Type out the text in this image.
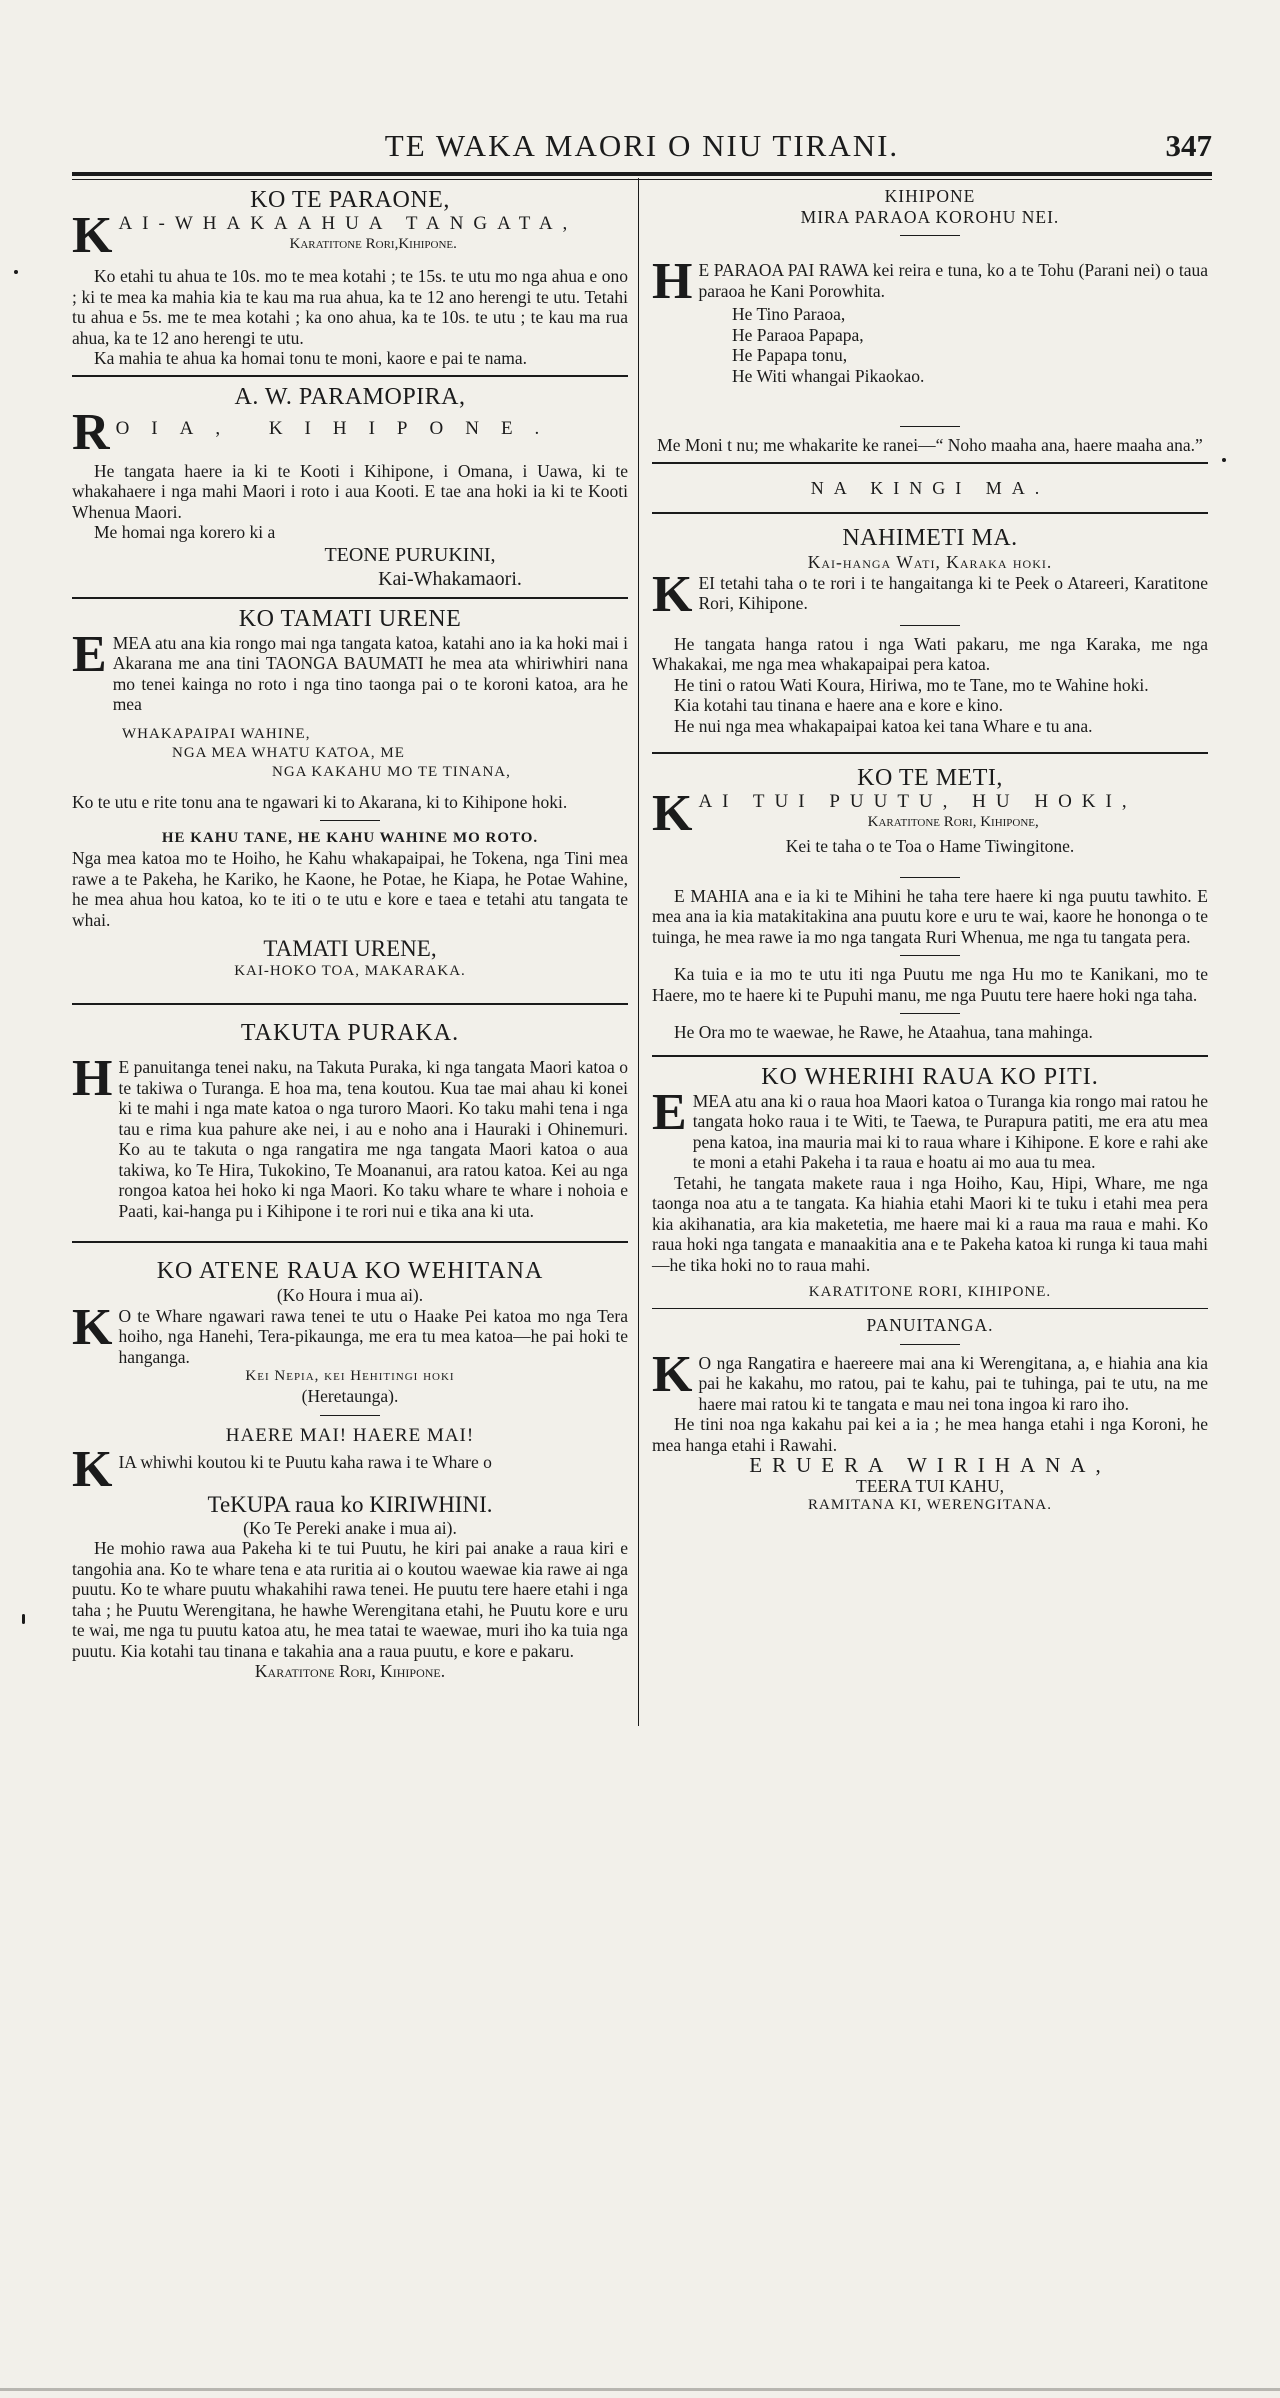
TE WAKA MAORI O NIU TIRANI.	347
KO TE PARAONE,
K AI-WHAKAAHUA TANGATA,
Karatitone Rori,Kihipone.

Ko etahi tu ahua te 10s. mo te mea kotahi ; te 15s. te utu mo nga ahua e ono ; ki te mea ka mahia kia te kau ma rua ahua, ka te 12 ano herengi te utu. Tetahi tu ahua e 5s. me te mea kotahi ; ka ono ahua, ka te 10s. te utu ; te kau ma rua ahua, ka te 12 ano herengi te utu.

Ka mahia te ahua ka homai tonu te moni, kaore e pai te nama.

A. W. PARAMOPIRA,
R OIA, KIHIPONE.

He tangata haere ia ki te Kooti i Kihipone, i Omana, i Uawa, ki te whakahaere i nga mahi Maori i roto i aua Kooti. E tae ana hoki ia ki te Kooti Whenua Maori.

Me homai nga korero ki a

TEONE PURUKINI,
Kai-Whakamaori.
KO TAMATI URENE
E MEA atu ana kia rongo mai nga tangata katoa, katahi ano ia ka hoki mai i Akarana me ana tini TAONGA BAUMATI he mea ata whiriwhiri nana mo tenei kainga no roto i nga tino taonga pai o te koroni katoa, ara he mea

WHAKAPAIPAI WAHINE,
NGA MEA WHATU KATOA, ME
NGA KAKAHU MO TE TINANA,

Ko te utu e rite tonu ana te ngawari ki to Akarana, ki to Kihipone hoki.

HE KAHU TANE, HE KAHU WAHINE MO ROTO.

Nga mea katoa mo te Hoiho, he Kahu whakapaipai, he Tokena, nga Tini mea rawe a te Pakeha, he Kariko, he Kaone, he Potae, he Kiapa, he Potae Wahine, he mea ahua hou katoa, ko te iti o te utu e kore e taea e tetahi atu tangata te whai.

TAMATI URENE,
KAI-HOKO TOA, MAKARAKA.
TAKUTA PURAKA.
H E panuitanga tenei naku, na Takuta Puraka, ki nga tangata Maori katoa o te takiwa o Turanga. E hoa ma, tena koutou. Kua tae mai ahau ki konei ki te mahi i nga mate katoa o nga turoro Maori. Ko taku mahi tena i nga tau e rima kua pahure ake nei, i au e noho ana i Hauraki i Ohinemuri. Ko au te takuta o nga rangatira me nga tangata Maori katoa o aua takiwa, ko Te Hira, Tukokino, Te Moananui, ara ratou katoa. Kei au nga rongoa katoa hei hoko ki nga Maori. Ko taku whare te whare i nohoia e Paati, kai-hanga pu i Kihipone i te rori nui e tika ana ki uta.

KO ATENE RAUA KO WEHITANA
(Ko Houra i mua ai).
K O te Whare ngawari rawa tenei te utu o Haake Pei katoa mo nga Tera hoiho, nga Hanehi, Tera-pikaunga, me era tu mea katoa—he pai hoki te hanganga.

Kei Nepia, kei Hehitingi hoki
(Heretaunga).
HAERE MAI! HAERE MAI!
K IA whiwhi koutou ki te Puutu kaha rawa i te Whare o

TeKUPA raua ko KIRIWHINI.
(Ko Te Pereki anake i mua ai).

He mohio rawa aua Pakeha ki te tui Puutu, he kiri pai anake a raua kiri e tangohia ana. Ko te whare tena e ata ruritia ai o koutou waewae kia rawe ai nga puutu. Ko te whare puutu whakahihi rawa tenei. He puutu tere haere etahi i nga taha ; he Puutu Werengitana, he hawhe Werengitana etahi, he Puutu kore e uru te wai, me nga tu puutu katoa atu, he mea tatai te waewae, muri iho ka tuia nga puutu. Kia kotahi tau tinana e takahia ana a raua puutu, e kore e pakaru.

Karatitone Rori, Kihipone.
KIHIPONE
MIRA PARAOA KOROHU NEI.
H E PARAOA PAI RAWA kei reira e tuna, ko a te Tohu (Parani nei) o taua paraoa he Kani Porowhita.

He Tino Paraoa,
He Paraoa Papapa,
He Papapa tonu,
He Witi whangai Pikaokao.

Me Moni t nu; me whakarite ke ranei—“ Noho maaha ana, haere maaha ana.”

NA KINGI MA.
NAHIMETI MA.
Kai-hanga Wati, Karaka hoki.
K EI tetahi taha o te rori i te hangaitanga ki te Peek o Atareeri, Karatitone Rori, Kihipone.

He tangata hanga ratou i nga Wati pakaru, me nga Karaka, me nga Whakakai, me nga mea whakapaipai pera katoa.

He tini o ratou Wati Koura, Hiriwa, mo te Tane, mo te Wahine hoki.

Kia kotahi tau tinana e haere ana e kore e kino.

He nui nga mea whakapaipai katoa kei tana Whare e tu ana.

KO TE METI,
K AI TUI PUUTU, HU HOKI,
Karatitone Rori, Kihipone,
Kei te taha o te Toa o Hame Tiwingitone.

E MAHIA ana e ia ki te Mihini he taha tere haere ki nga puutu tawhito. E mea ana ia kia matakitakina ana puutu kore e uru te wai, kaore he hononga o te tuinga, he mea rawe ia mo nga tangata Ruri Whenua, me nga tu tangata pera.

Ka tuia e ia mo te utu iti nga Puutu me nga Hu mo te Kanikani, mo te Haere, mo te haere ki te Pupuhi manu, me nga Puutu tere haere hoki nga taha.

He Ora mo te waewae, he Rawe, he Ataahua, tana mahinga.

KO WHERIHI RAUA KO PITI.
E MEA atu ana ki o raua hoa Maori katoa o Turanga kia rongo mai ratou he tangata hoko raua i te Witi, te Taewa, te Purapura patiti, me era atu mea pena katoa, ina mauria mai ki to raua whare i Kihipone. E kore e rahi ake te moni a etahi Pakeha i ta raua e hoatu ai mo aua tu mea.

Tetahi, he tangata makete raua i nga Hoiho, Kau, Hipi, Whare, me nga taonga noa atu a te tangata. Ka hiahia etahi Maori ki te tuku i etahi mea pera kia akihanatia, ara kia maketetia, me haere mai ki a raua ma raua e mahi. Ko raua hoki nga tangata e manaakitia ana e te Pakeha katoa ki runga ki taua mahi—he tika hoki no to raua mahi.

KARATITONE RORI, KIHIPONE.
PANUITANGA.
K O nga Rangatira e haereere mai ana ki Werengitana, a, e hiahia ana kia pai he kakahu, mo ratou, pai te kahu, pai te tuhinga, pai te utu, na me haere mai ratou ki te tangata e mau nei tona ingoa ki raro iho.

He tini noa nga kakahu pai kei a ia ; he mea hanga etahi i nga Koroni, he mea hanga etahi i Rawahi.

ERUERA WIRIHANA,
TEERA TUI KAHU,
RAMITANA KI, WERENGITANA.
